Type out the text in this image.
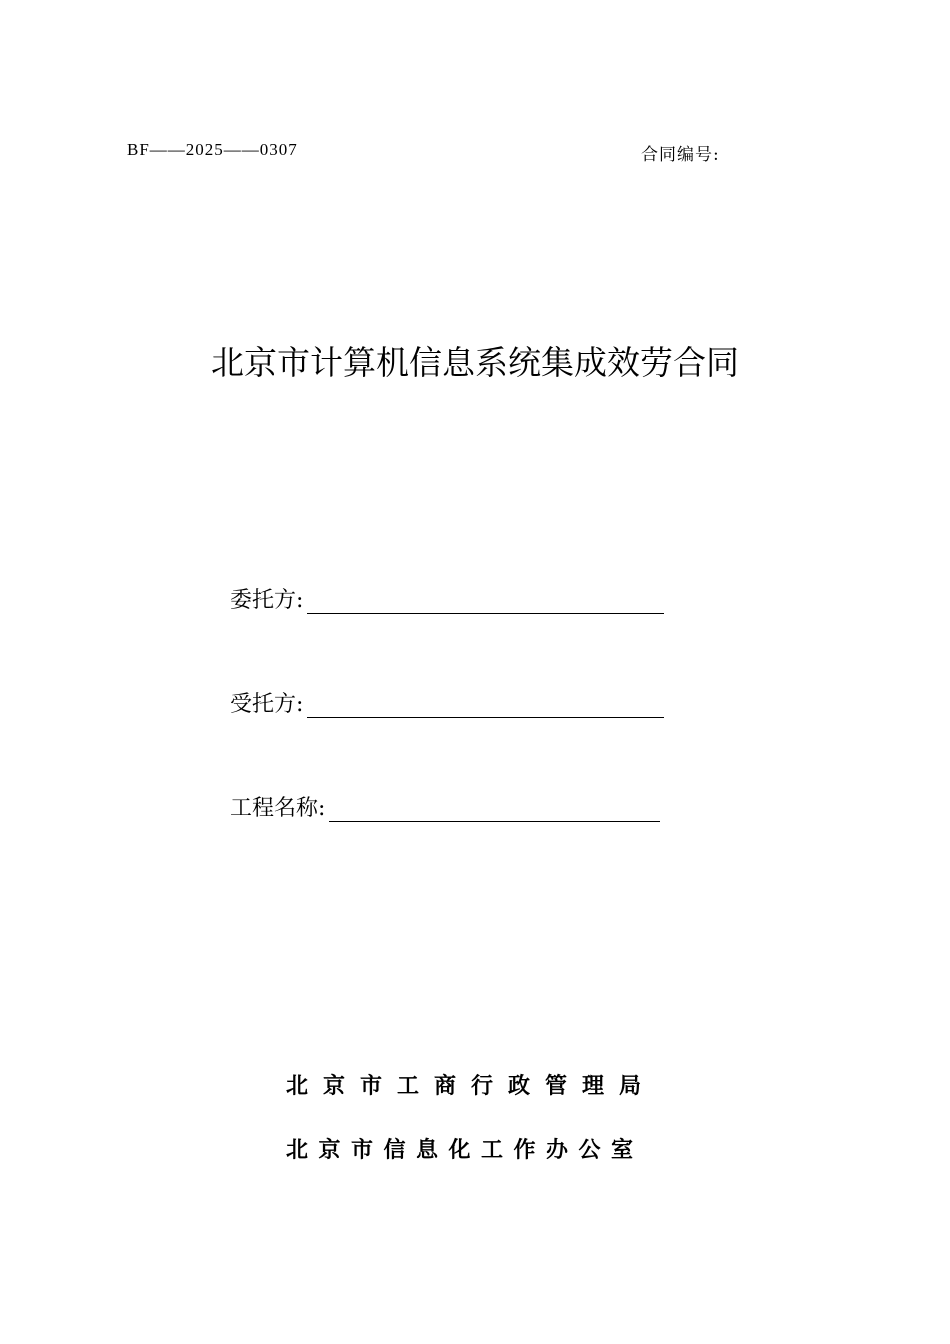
BF——2025——0307	合同编号:
北京市计算机信息系统集成效劳合同
委托方:
受托方:
工程名称:
北京市工商行政管理局
北京市信息化工作办公室
